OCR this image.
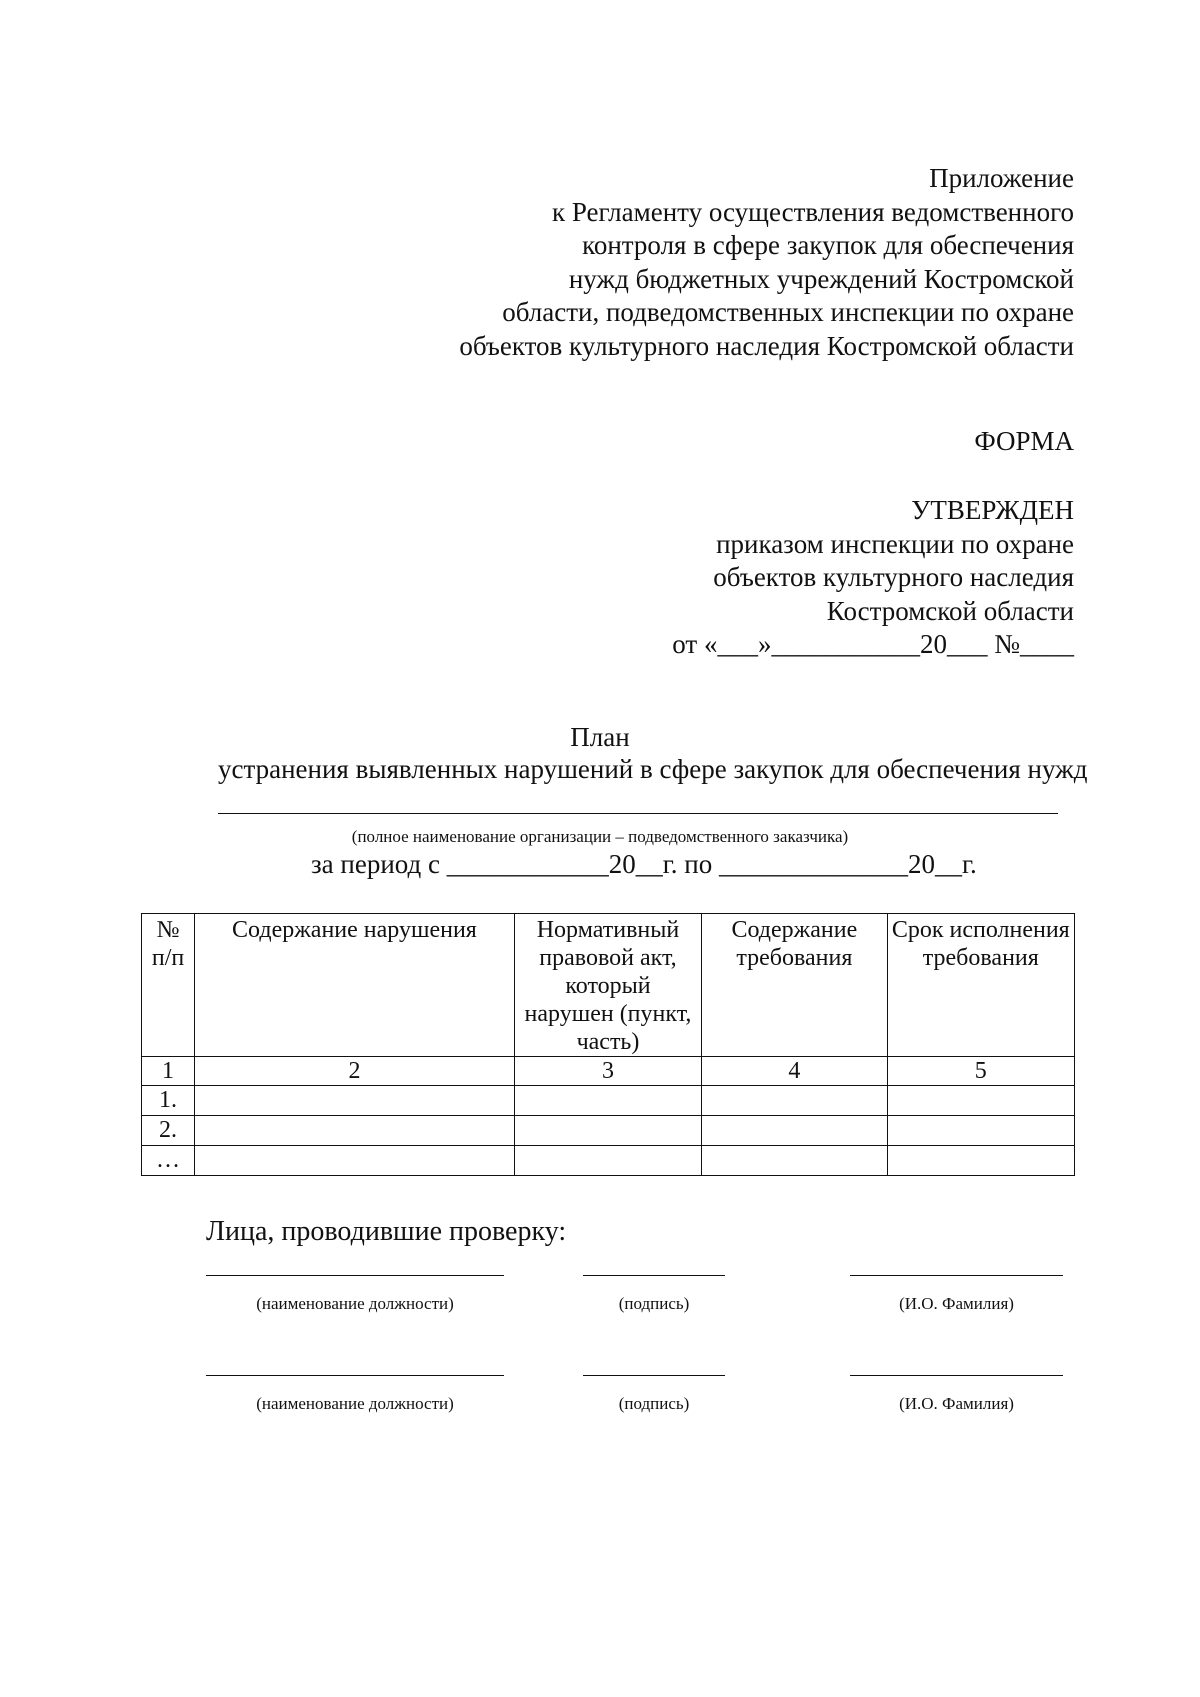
Приложение
к Регламенту осуществления ведомственного
контроля в сфере закупок для обеспечения
нужд бюджетных учреждений Костромской
области, подведомственных инспекции по охране
объектов культурного наследия Костромской области
ФОРМА
УТВЕРЖДЕН
приказом инспекции по охране
объектов культурного наследия
Костромской области
от «___»___________20___ №____
План
устранения выявленных нарушений в сфере закупок для обеспечения нужд
(полное наименование организации – подведомственного заказчика)
за период с ____________20__г. по ______________20__г.
№ п/п	Содержание нарушения	Нормативный правовой акт, который нарушен (пункт, часть)	Содержание требования	Срок исполнения требования
1	2	3	4	5
1.				
2.				
…				
Лица, проводившие проверку:
(наименование должности)	(подпись)	(И.О. Фамилия)
(наименование должности)	(подпись)	(И.О. Фамилия)
